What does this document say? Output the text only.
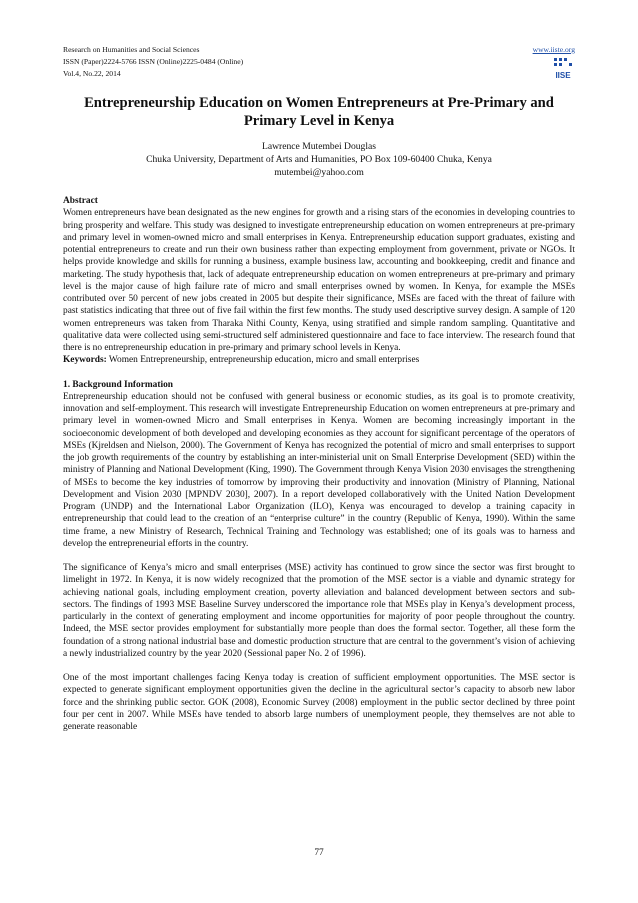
Research on Humanities and Social Sciences
ISSN (Paper)2224-5766 ISSN (Online)2225-0484 (Online)
Vol.4, No.22, 2014
www.iiste.org
IISE
Entrepreneurship Education on Women Entrepreneurs at Pre-Primary and Primary Level in Kenya
Lawrence Mutembei Douglas
Chuka University, Department of Arts and Humanities, PO Box 109-60400 Chuka, Kenya
mutembei@yahoo.com
Abstract

Women entrepreneurs have bean designated as the new engines for growth and a rising stars of the economies in developing countries to bring prosperity and welfare. This study was designed to investigate entrepreneurship education on women entrepreneurs at pre-primary and primary level in women-owned micro and small enterprises in Kenya. Entrepreneurship education support graduates, existing and potential entrepreneurs to create and run their own business rather than expecting employment from government, private or NGOs. It helps provide knowledge and skills for running a business, example business law, accounting and bookkeeping, credit and finance and marketing. The study hypothesis that, lack of adequate entrepreneurship education on women entrepreneurs at pre-primary and primary level is the major cause of high failure rate of micro and small enterprises owned by women. In Kenya, for example the MSEs contributed over 50 percent of new jobs created in 2005 but despite their significance, MSEs are faced with the threat of failure with past statistics indicating that three out of five fail within the first few months. The study used descriptive survey design. A sample of 120 women entrepreneurs was taken from Tharaka Nithi County, Kenya, using stratified and simple random sampling. Quantitative and qualitative data were collected using semi-structured self administered questionnaire and face to face interview. The research found that there is no entrepreneurship education in pre-primary and primary school levels in Kenya.

Keywords: Women Entrepreneurship, entrepreneurship education, micro and small enterprises

1. Background Information

Entrepreneurship education should not be confused with general business or economic studies, as its goal is to promote creativity, innovation and self-employment. This research will investigate Entrepreneurship Education on women entrepreneurs at pre-primary and primary level in women-owned Micro and Small enterprises in Kenya. Women are becoming increasingly important in the socioeconomic development of both developed and developing economies as they account for significant percentage of the operators of MSEs (Kjreldsen and Nielson, 2000). The Government of Kenya has recognized the potential of micro and small enterprises to support the job growth requirements of the country by establishing an inter-ministerial unit on Small Enterprise Development (SED) within the ministry of Planning and National Development (King, 1990). The Government through Kenya Vision 2030 envisages the strengthening of MSEs to become the key industries of tomorrow by improving their productivity and innovation (Ministry of Planning, National Development and Vision 2030 [MPNDV 2030], 2007). In a report developed collaboratively with the United Nation Development Program (UNDP) and the International Labor Organization (ILO), Kenya was encouraged to develop a training capacity in entrepreneurship that could lead to the creation of an “enterprise culture” in the country (Republic of Kenya, 1990). Within the same time frame, a new Ministry of Research, Technical Training and Technology was established; one of its goals was to harness and develop the entrepreneurial efforts in the country.

The significance of Kenya’s micro and small enterprises (MSE) activity has continued to grow since the sector was first brought to limelight in 1972. In Kenya, it is now widely recognized that the promotion of the MSE sector is a viable and dynamic strategy for achieving national goals, including employment creation, poverty alleviation and balanced development between sectors and sub-sectors. The findings of 1993 MSE Baseline Survey underscored the importance role that MSEs play in Kenya’s development process, particularly in the context of generating employment and income opportunities for majority of poor people throughout the country. Indeed, the MSE sector provides employment for substantially more people than does the formal sector. Together, all these form the foundation of a strong national industrial base and domestic production structure that are central to the government’s vision of achieving a newly industrialized country by the year 2020 (Sessional paper No. 2 of 1996).

One of the most important challenges facing Kenya today is creation of sufficient employment opportunities. The MSE sector is expected to generate significant employment opportunities given the decline in the agricultural sector’s capacity to absorb new labor force and the shrinking public sector. GOK (2008), Economic Survey (2008) employment in the public sector declined by three point four per cent in 2007. While MSEs have tended to absorb large numbers of unemployment people, they themselves are not able to generate reasonable

77
